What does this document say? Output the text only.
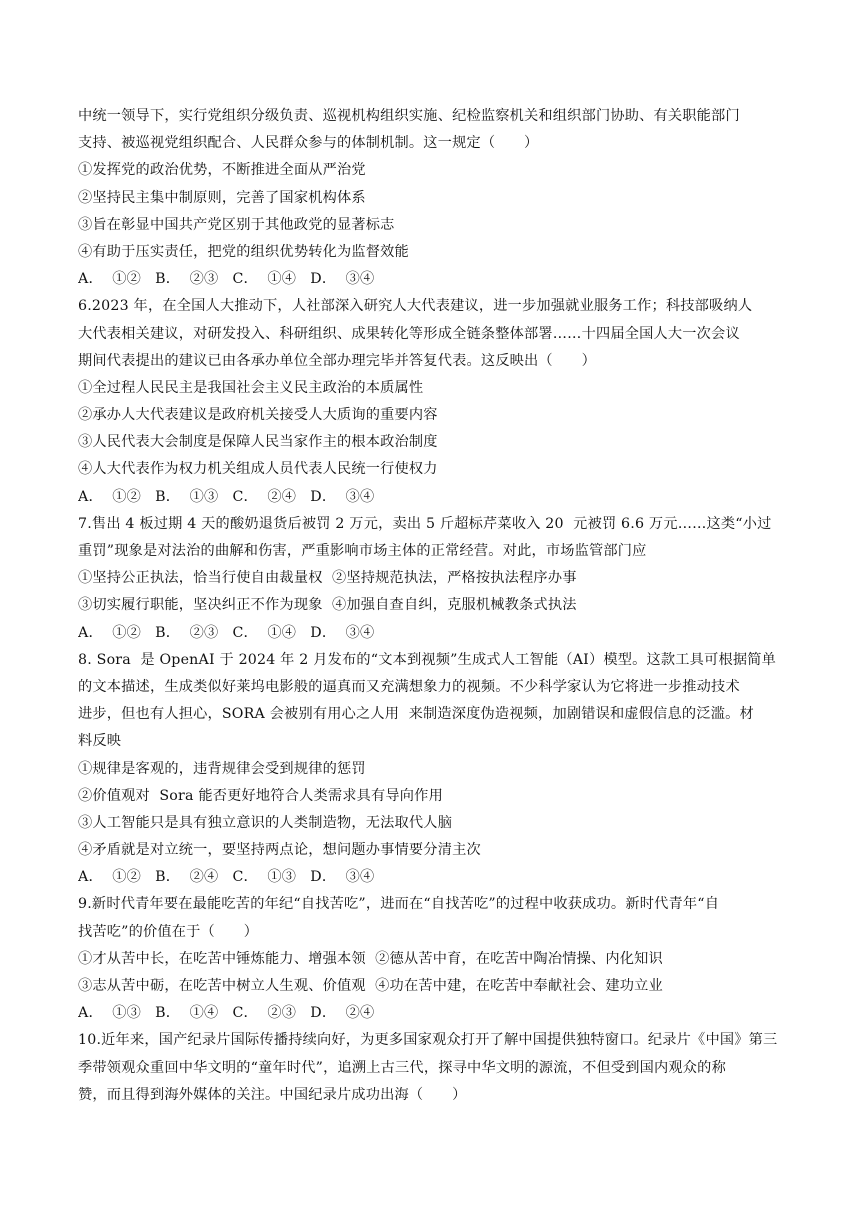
中统一领导下，实行党组织分级负责、巡视机构组织实施、纪检监察机关和组织部门协助、有关职能部门
支持、被巡视党组织配合、人民群众参与的体制机制。这一规定（　　）
①发挥党的政治优势，不断推进全面从严治党
②坚持民主集中制原则，完善了国家机构体系
③旨在彰显中国共产党区别于其他政党的显著标志
④有助于压实责任，把党的组织优势转化为监督效能
A．  ①②   B．  ②③   C．  ①④   D．  ③④
6.2023 年，在全国人大推动下，人社部深入研究人大代表建议，进一步加强就业服务工作；科技部吸纳人
大代表相关建议，对研发投入、科研组织、成果转化等形成全链条整体部署……十四届全国人大一次会议
期间代表提出的建议已由各承办单位全部办理完毕并答复代表。这反映出（　　）
①全过程人民民主是我国社会主义民主政治的本质属性
②承办人大代表建议是政府机关接受人大质询的重要内容
③人民代表大会制度是保障人民当家作主的根本政治制度
④人大代表作为权力机关组成人员代表人民统一行使权力
A．  ①②   B．  ①③   C．  ②④   D．  ③④
7.售出 4 板过期 4 天的酸奶退货后被罚 2 万元，卖出 5 斤超标芹菜收入 20  元被罚 6.6 万元……这类“小过
重罚”现象是对法治的曲解和伤害，严重影响市场主体的正常经营。对此，市场监管部门应
①坚持公正执法，恰当行使自由裁量权  ②坚持规范执法，严格按执法程序办事
③切实履行职能，坚决纠正不作为现象  ④加强自查自纠，克服机械教条式执法
A．  ①②   B．  ②③   C．  ①④   D．  ③④
8. Sora  是 OpenAI 于 2024 年 2 月发布的“文本到视频”生成式人工智能（AI）模型。这款工具可根据简单
的文本描述，生成类似好莱坞电影般的逼真而又充满想象力的视频。不少科学家认为它将进一步推动技术
进步，但也有人担心，SORA 会被别有用心之人用  来制造深度伪造视频，加剧错误和虚假信息的泛滥。材
料反映
①规律是客观的，违背规律会受到规律的惩罚
②价值观对  Sora 能否更好地符合人类需求具有导向作用
③人工智能只是具有独立意识的人类制造物，无法取代人脑
④矛盾就是对立统一，要坚持两点论，想问题办事情要分清主次
A．  ①②   B．  ②④   C．  ①③   D．  ③④
9.新时代青年要在最能吃苦的年纪“自找苦吃”，进而在“自找苦吃”的过程中收获成功。新时代青年“自
找苦吃”的价值在于（　　）
①才从苦中长，在吃苦中锤炼能力、增强本领  ②德从苦中育，在吃苦中陶冶情操、内化知识
③志从苦中砺，在吃苦中树立人生观、价值观  ④功在苦中建，在吃苦中奉献社会、建功立业
A．  ①③   B．  ①④   C．  ②③   D．  ②④
10.近年来，国产纪录片国际传播持续向好，为更多国家观众打开了解中国提供独特窗口。纪录片《中国》第三
季带领观众重回中华文明的“童年时代”，追溯上古三代，探寻中华文明的源流，不但受到国内观众的称
赞，而且得到海外媒体的关注。中国纪录片成功出海（　　）
